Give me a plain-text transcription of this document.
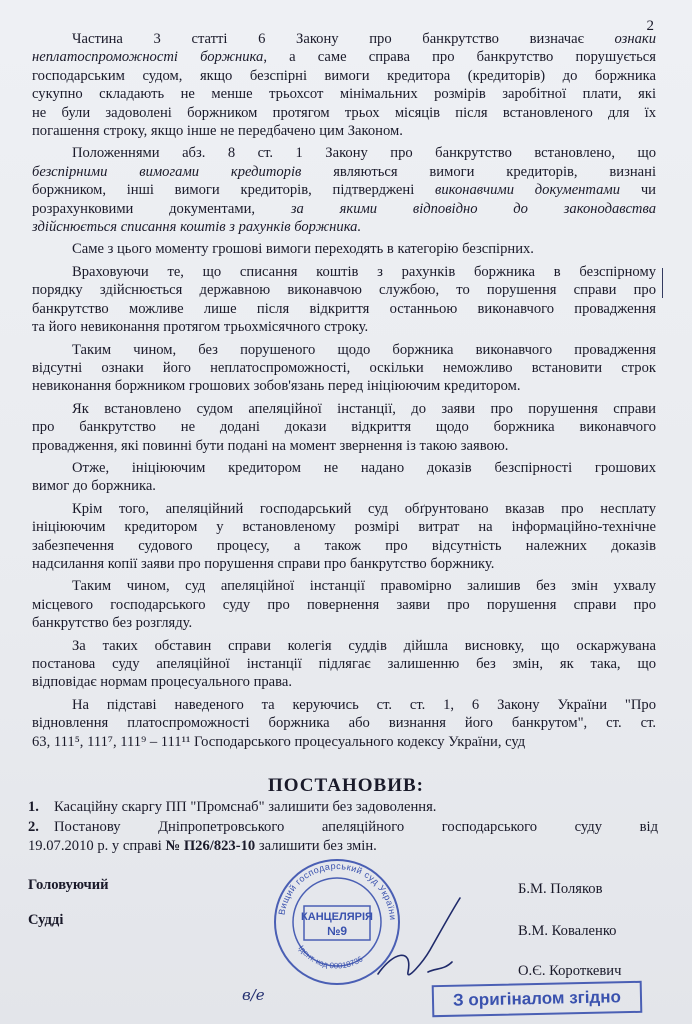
2
Частина 3 статті 6 Закону про банкрутство визначає ознаки
неплатоспроможності боржника, а саме справа про банкрутство порушується
господарським судом, якщо безспірні вимоги кредитора (кредиторів) до боржника
сукупно складають не менше трьохсот мінімальних розмірів заробітної плати, які
не були задоволені боржником протягом трьох місяців після встановленого для їх
погашення строку, якщо інше не передбачено цим Законом.
Положеннями абз. 8 ст. 1 Закону про банкрутство встановлено, що
безспірними вимогами кредиторів являються вимоги кредиторів, визнані
боржником, інші вимоги кредиторів, підтверджені виконавчими документами чи
розрахунковими документами, за якими відповідно до законодавства
здійснюється списання коштів з рахунків боржника.
Саме з цього моменту грошові вимоги переходять в категорію безспірних.
Враховуючи те, що списання коштів з рахунків боржника в безспірному
порядку здійснюється державною виконавчою службою, то порушення справи про
банкрутство можливе лише після відкриття останньою виконавчого провадження
та його невиконання протягом трьохмісячного строку.
Таким чином, без порушеного щодо боржника виконавчого провадження
відсутні ознаки його неплатоспроможності, оскільки неможливо встановити строк
невиконання боржником грошових зобов'язань перед ініціюючим кредитором.
Як встановлено судом апеляційної інстанції, до заяви про порушення справи
про банкрутство не додані докази відкриття щодо боржника виконавчого
провадження, які повинні бути подані на момент звернення із такою заявою.
Отже, ініціюючим кредитором не надано доказів безспірності грошових
вимог до боржника.
Крім того, апеляційний господарський суд обґрунтовано вказав про несплату
ініціюючим кредитором у встановленому розмірі витрат на інформаційно-технічне
забезпечення судового процесу, а також про відсутність належних доказів
надсилання копії заяви про порушення справи про банкрутство боржнику.
Таким чином, суд апеляційної інстанції правомірно залишив без змін ухвалу
місцевого господарського суду про повернення заяви про порушення справи про
банкрутство без розгляду.
За таких обставин справи колегія суддів дійшла висновку, що оскаржувана
постанова суду апеляційної інстанції підлягає залишенню без змін, як така, що
відповідає нормам процесуального права.
На підставі наведеного та керуючись ст. ст. 1, 6 Закону України "Про
відновлення платоспроможності боржника або визнання його банкрутом", ст. ст.
63, 111⁵, 111⁷, 111⁹ – 111¹¹ Господарського процесуального кодексу України, суд
ПОСТАНОВИВ:
1.	Касаційну скаргу ПП "Промснаб" залишити без задоволення.
2.	Постанову Дніпропетровського апеляційного господарського суду від
19.07.2010 р. у справі № П26/823-10 залишити без змін.
Головуючий
Судді
Б.М. Поляков
В.М. Коваленко
О.Є. Короткевич
Вищий господарський суд України
Ідент. код 00018736
КАНЦЕЛЯРІЯ
№9
в/е	З оригіналом згідно
